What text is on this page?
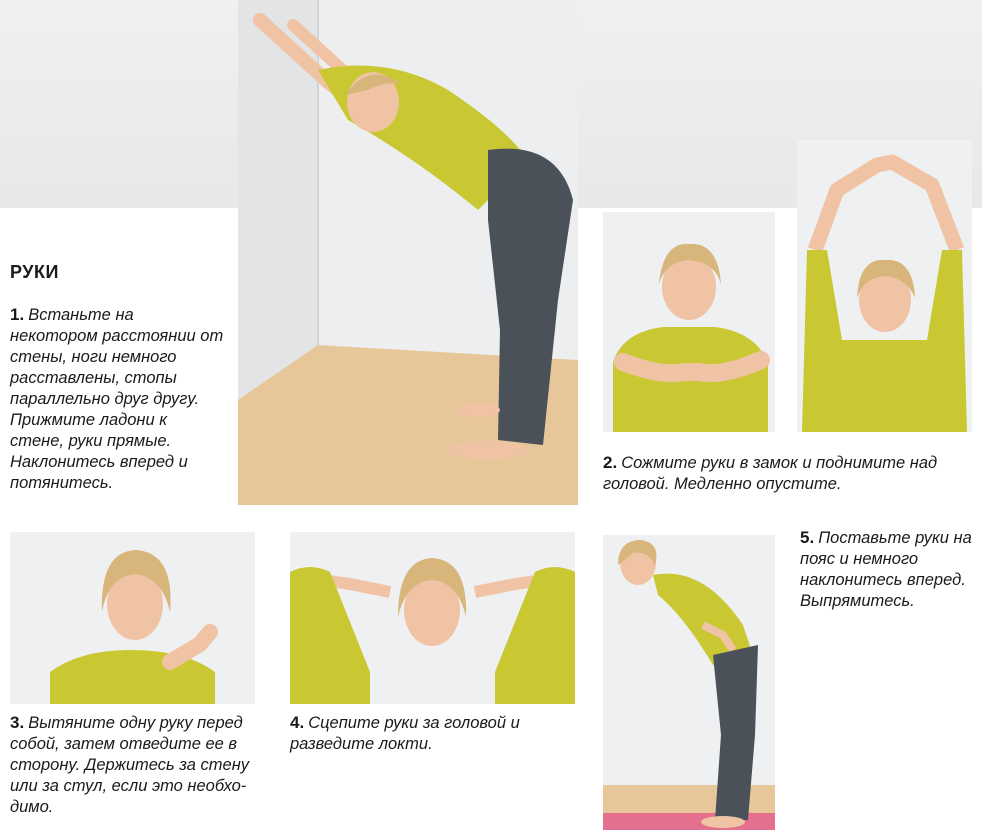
РУКИ
1. Встаньте на некотором расстоянии от стены, ноги немного расставлены, стопы параллельно друг другу. Прижмите ладони к стене, руки прямые. Наклонитесь вперед и потянитесь.
2. Сожмите руки в замок и поднимите над головой. Медленно опустите.
3. Вытяните одну руку перед собой, затем отведите ее в сторону. Держитесь за стену или за стул, если это необхо-димо.
4. Сцепите руки за головой и разведите локти.
5. Поставьте руки на пояс и немного наклонитесь вперед. Выпрямитесь.
